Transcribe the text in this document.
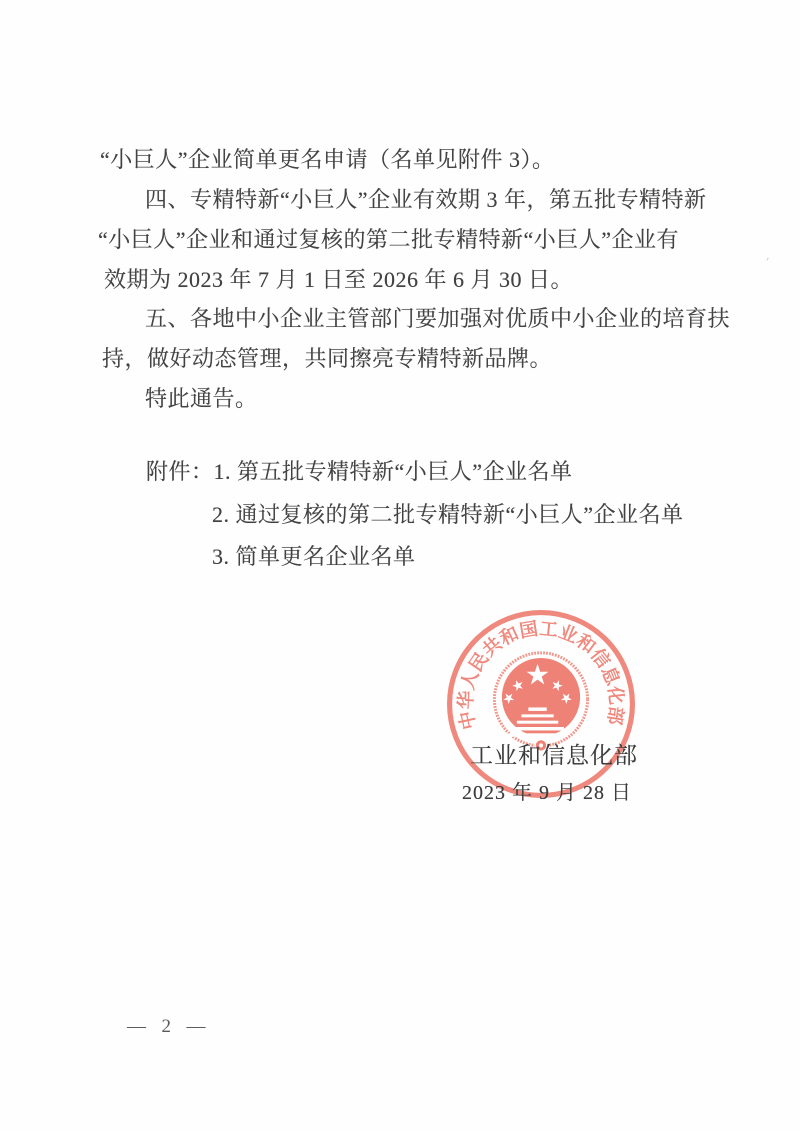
“小巨人”企业简单更名申请（名单见附件 3）。
四、专精特新“小巨人”企业有效期 3 年，第五批专精特新
“小巨人”企业和通过复核的第二批专精特新“小巨人”企业有
效期为 2023 年 7 月 1 日至 2026 年 6 月 30 日。
五、各地中小企业主管部门要加强对优质中小企业的培育扶
持，做好动态管理，共同擦亮专精特新品牌。
特此通告。
附件：1. 第五批专精特新“小巨人”企业名单
2. 通过复核的第二批专精特新“小巨人”企业名单
3. 简单更名企业名单
中华人民共和国工业和信息化部
工业和信息化部
2023 年 9 月 28 日
—  2  —
ʹ
